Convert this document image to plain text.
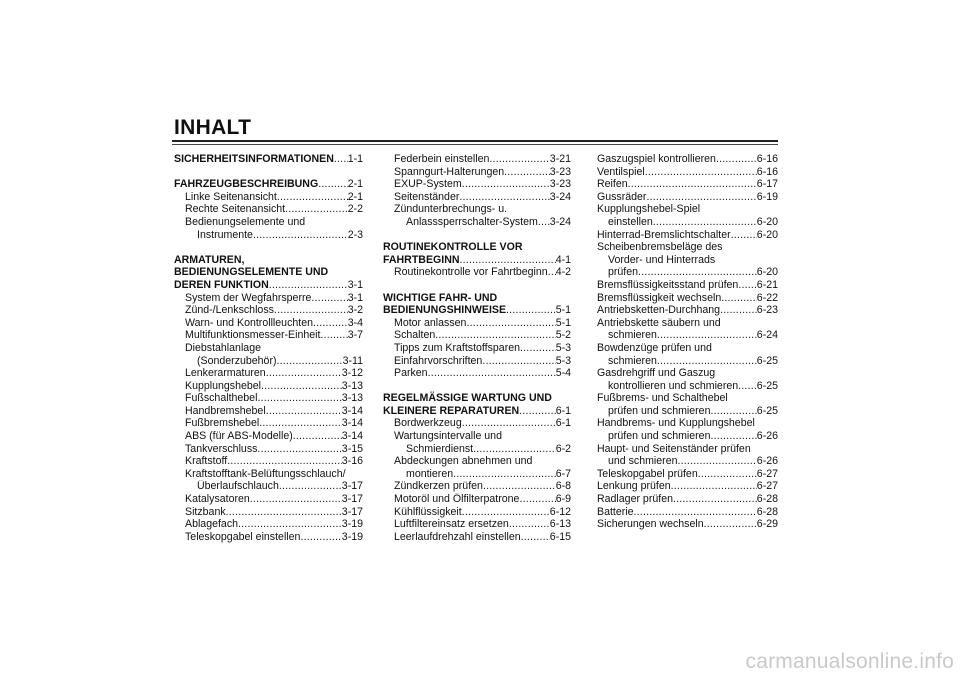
INHALT
SICHERHEITSINFORMATIONEN ..... 1-1
FAHRZEUGBESCHREIBUNG .....	2-1
Linke Seitenansicht .....	2-1
Rechte Seitenansicht .....	2-2
Bedienungselemente und
Instrumente .....	2-3
ARMATUREN,
BEDIENUNGSELEMENTE UND
DEREN FUNKTION .....	3-1
System der Wegfahrsperre .....	3-1
Zünd-/Lenkschloss .....	3-2
Warn- und Kontrollleuchten .....	3-4
Multifunktionsmesser-Einheit .....	3-7
Diebstahlanlage
(Sonderzubehör) .....	3-11
Lenkerarmaturen .....	3-12
Kupplungshebel .....	3-13
Fußschalthebel .....	3-13
Handbremshebel .....	3-14
Fußbremshebel .....	3-14
ABS (für ABS-Modelle) .....	3-14
Tankverschluss .....	3-15
Kraftstoff .....	3-16
Kraftstofftank-Belüftungsschlauch/
Überlaufschlauch .....	3-17
Katalysatoren .....	3-17
Sitzbank .....	3-17
Ablagefach .....	3-19
Teleskopgabel einstellen .....	3-19
Federbein einstellen .....	3-21
Spanngurt-Halterungen .....	3-23
EXUP-System .....	3-23
Seitenständer .....	3-24
Zündunterbrechungs- u.
Anlasssperrschalter-System ..... 3-24
ROUTINEKONTROLLE VOR
FAHRTBEGINN .....	4-1
Routinekontrolle vor Fahrtbeginn ..... 4-2
WICHTIGE FAHR- UND
BEDIENUNGSHINWEISE .....	5-1
Motor anlassen .....	5-1
Schalten .....	5-2
Tipps zum Kraftstoffsparen .....	5-3
Einfahrvorschriften .....	5-3
Parken .....	5-4
REGELMÄSSIGE WARTUNG UND
KLEINERE REPARATUREN .....	6-1
Bordwerkzeug .....	6-1
Wartungsintervalle und
Schmierdienst .....	6-2
Abdeckungen abnehmen und
montieren .....	6-7
Zündkerzen prüfen .....	6-8
Motoröl und Ölfilterpatrone .....	6-9
Kühlflüssigkeit .....	6-12
Luftfiltereinsatz ersetzen .....	6-13
Leerlaufdrehzahl einstellen .....	6-15
Gaszugspiel kontrollieren .....	6-16
Ventilspiel .....	6-16
Reifen .....	6-17
Gussräder .....	6-19
Kupplungshebel-Spiel
einstellen .....	6-20
Hinterrad-Bremslichtschalter ..... 6-20
Scheibenbremsbeläge des
Vorder- und Hinterrads
prüfen .....	6-20
Bremsflüssigkeitsstand prüfen ..... 6-21
Bremsflüssigkeit wechseln .....	6-22
Antriebsketten-Durchhang .....	6-23
Antriebskette säubern und
schmieren .....	6-24
Bowdenzüge prüfen und
schmieren .....	6-25
Gasdrehgriff und Gaszug
kontrollieren und schmieren ..... 6-25
Fußbrems- und Schalthebel
prüfen und schmieren .....	6-25
Handbrems- und Kupplungshebel
prüfen und schmieren .....	6-26
Haupt- und Seitenständer prüfen
und schmieren .....	6-26
Teleskopgabel prüfen .....	6-27
Lenkung prüfen .....	6-27
Radlager prüfen .....	6-28
Batterie .....	6-28
Sicherungen wechseln .....	6-29
carmanualsonline.info
